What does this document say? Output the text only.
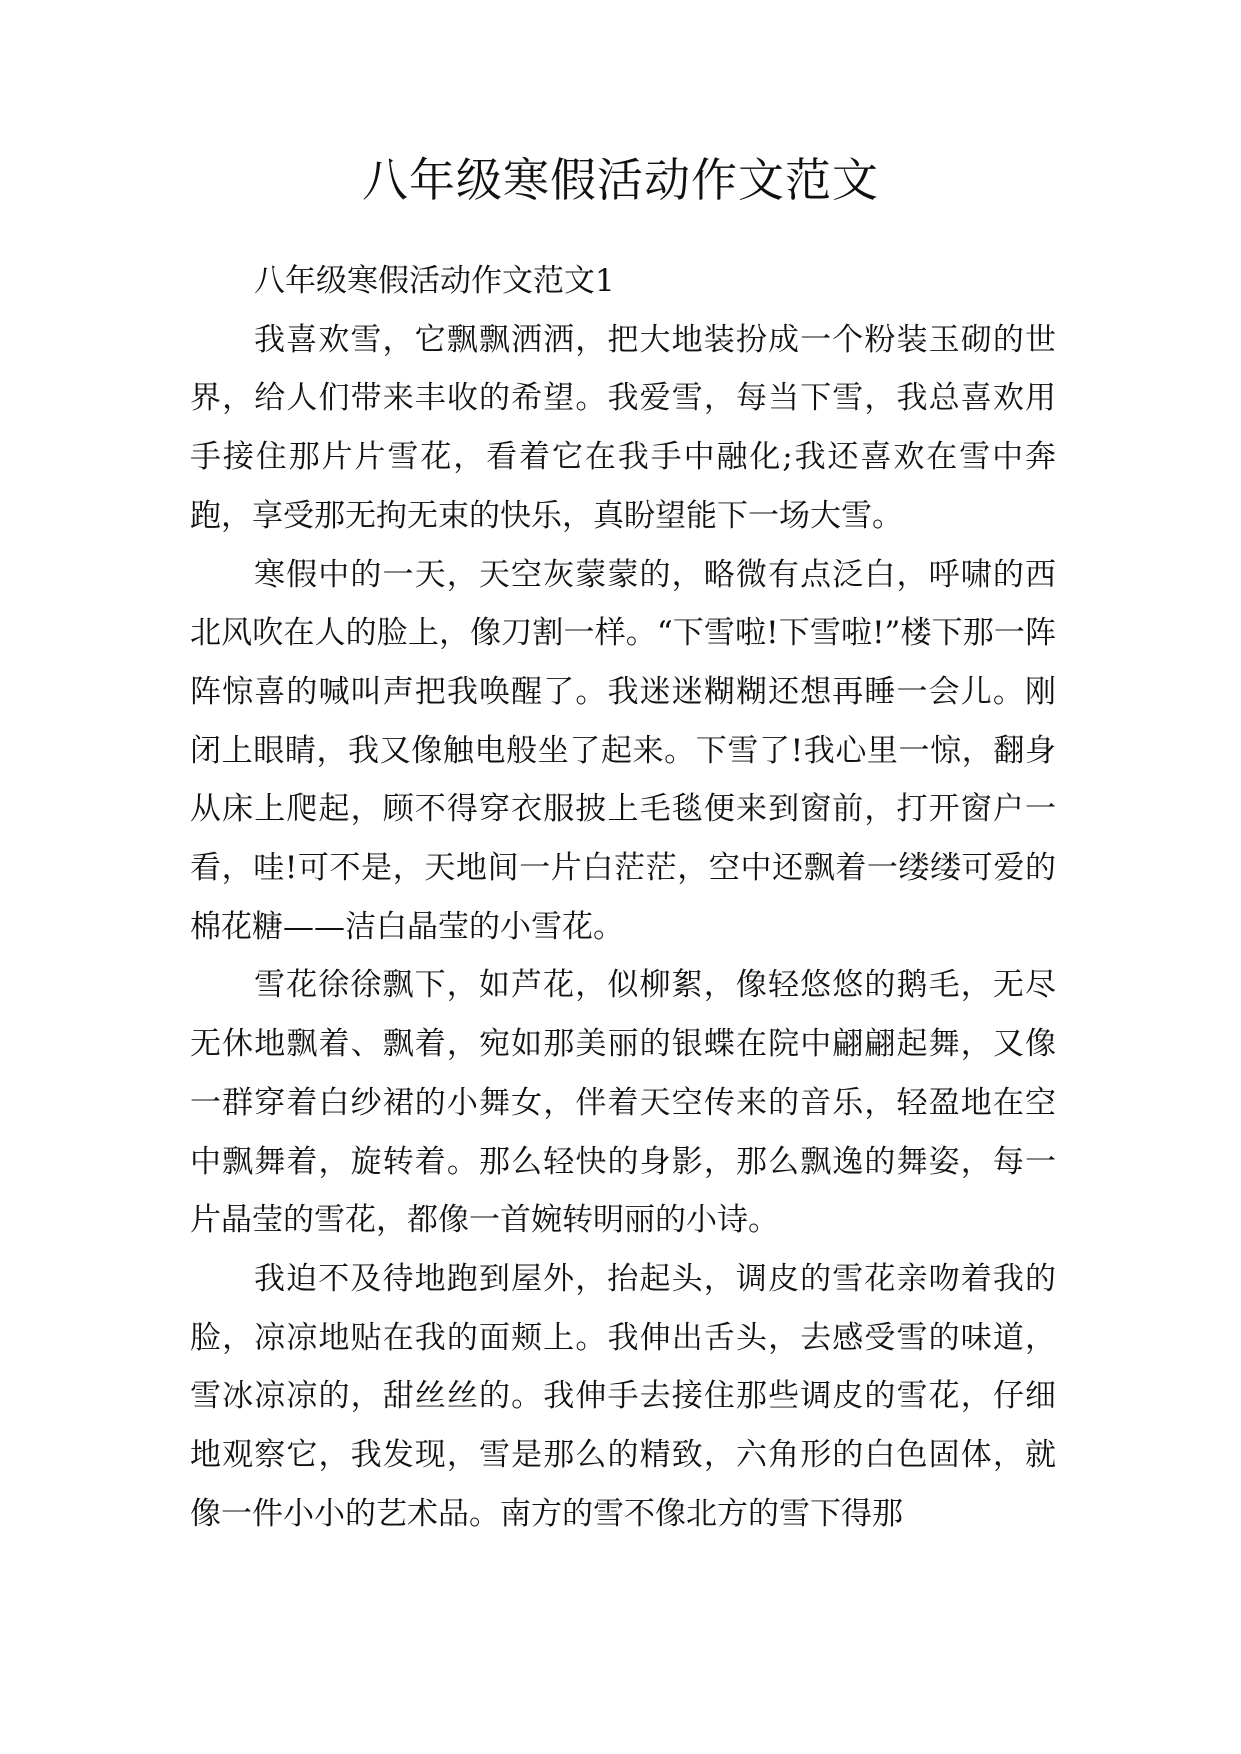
八年级寒假活动作文范文

八年级寒假活动作文范文1

我喜欢雪，它飘飘洒洒，把大地装扮成一个粉装玉砌的世界，给人们带来丰收的希望。我爱雪，每当下雪，我总喜欢用手接住那片片雪花，看着它在我手中融化;我还喜欢在雪中奔跑，享受那无拘无束的快乐，真盼望能下一场大雪。

寒假中的一天，天空灰蒙蒙的，略微有点泛白，呼啸的西北风吹在人的脸上，像刀割一样。“下雪啦!下雪啦!”楼下那一阵阵惊喜的喊叫声把我唤醒了。我迷迷糊糊还想再睡一会儿。刚闭上眼睛，我又像触电般坐了起来。下雪了!我心里一惊，翻身从床上爬起，顾不得穿衣服披上毛毯便来到窗前，打开窗户一看，哇!可不是，天地间一片白茫茫，空中还飘着一缕缕可爱的棉花糖——洁白晶莹的小雪花。

雪花徐徐飘下，如芦花，似柳絮，像轻悠悠的鹅毛，无尽无休地飘着、飘着，宛如那美丽的银蝶在院中翩翩起舞，又像一群穿着白纱裙的小舞女，伴着天空传来的音乐，轻盈地在空中飘舞着，旋转着。那么轻快的身影，那么飘逸的舞姿，每一片晶莹的雪花，都像一首婉转明丽的小诗。

我迫不及待地跑到屋外，抬起头，调皮的雪花亲吻着我的脸，凉凉地贴在我的面颊上。我伸出舌头，去感受雪的味道，雪冰凉凉的，甜丝丝的。我伸手去接住那些调皮的雪花，仔细地观察它，我发现，雪是那么的精致，六角形的白色固体，就像一件小小的艺术品。南方的雪不像北方的雪下得那
